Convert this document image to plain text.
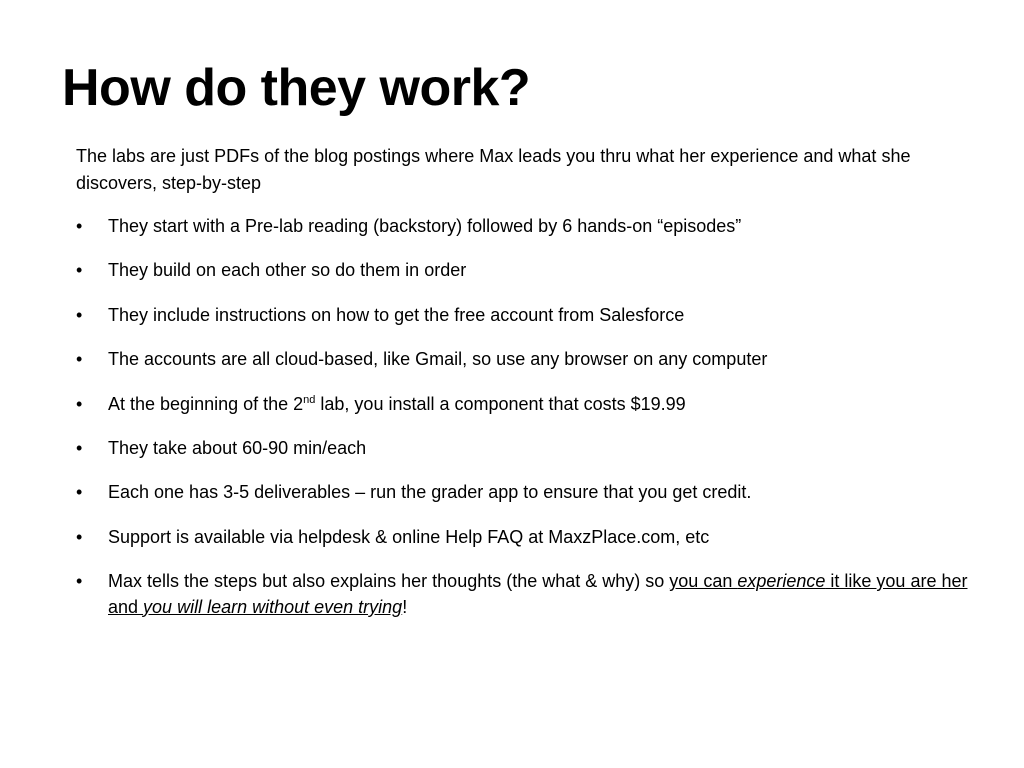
How do they work?

The labs are just PDFs of the blog postings where Max leads you thru what her experience and what she discovers, step-by-step

•	They start with a Pre-lab reading (backstory) followed by 6 hands-on “episodes”
•	They build on each other so do them in order
•	They include instructions on how to get the free account from Salesforce
•	The accounts are all cloud-based, like Gmail, so use any browser on any computer
•	At the beginning of the 2nd lab, you install a component that costs $19.99
•	They take about 60-90 min/each
•	Each one has 3-5 deliverables – run the grader app to ensure that you get credit.
•	Support is available via helpdesk & online Help FAQ at MaxzPlace.com, etc
•	Max tells the steps but also explains her thoughts (the what & why) so you can experience it like you are her and you will learn without even trying!
